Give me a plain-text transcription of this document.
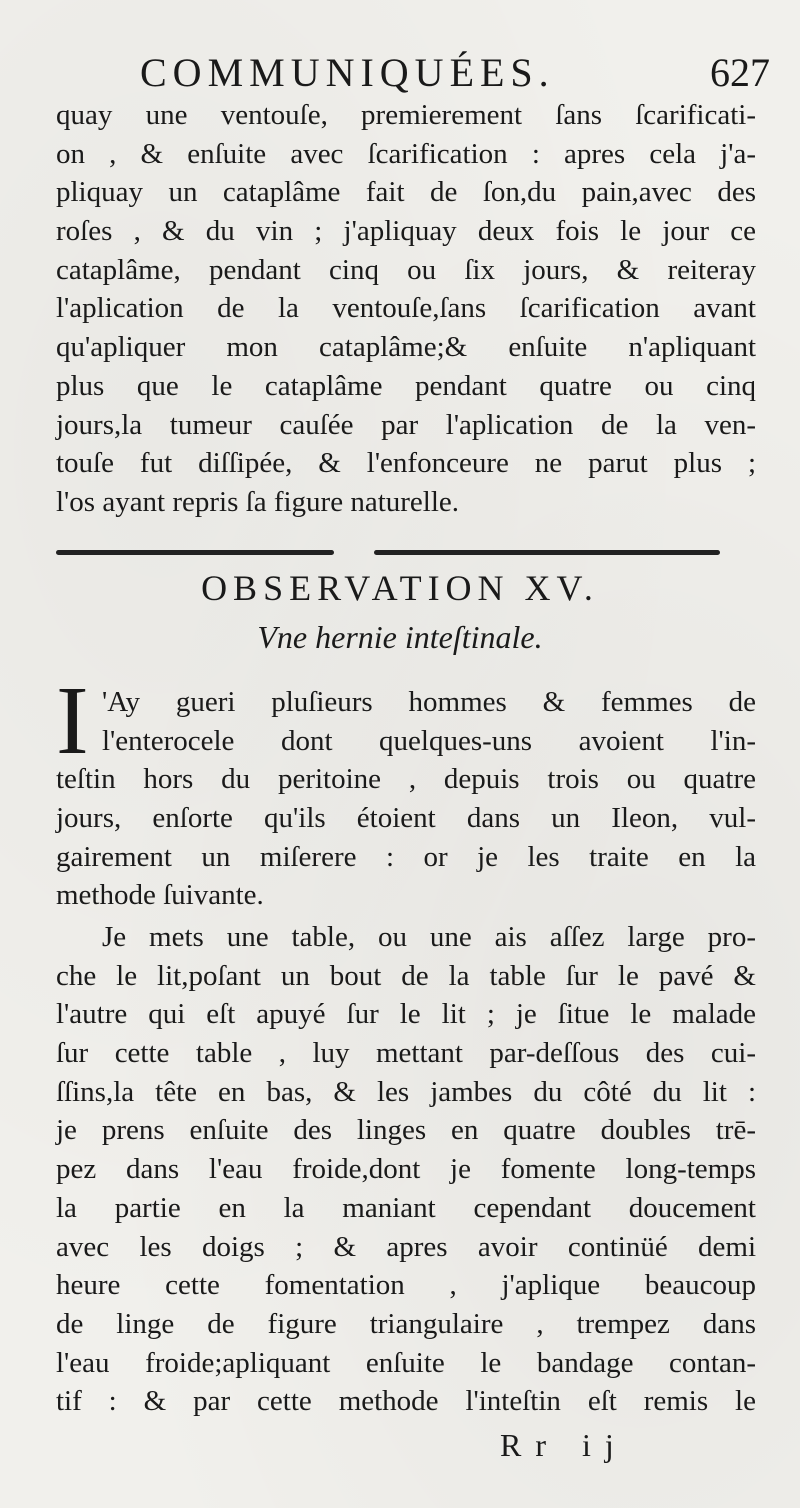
COMMUNIQUÉES.	627
quay une ventouſe, premierement ſans ſcarificati-
on , & enſuite avec ſcarification : apres cela j'a-
pliquay un cataplâme fait de ſon,du pain,avec des
roſes , & du vin ; j'apliquay deux fois le jour ce
cataplâme, pendant cinq ou ſix jours, & reiteray
l'aplication de la ventouſe,ſans ſcarification avant
qu'apliquer mon cataplâme;& enſuite n'apliquant
plus que le cataplâme pendant quatre ou cinq
jours,la tumeur cauſée par l'aplication de la ven-
touſe fut diſſipée, & l'enfonceure ne parut plus ;
l'os ayant repris ſa figure naturelle.
OBSERVATION XV.
Vne hernie inteſtinale.
I 'Ay gueri pluſieurs hommes & femmes de
l'enterocele dont quelques-uns avoient l'in-
teſtin hors du peritoine , depuis trois ou quatre
jours, enſorte qu'ils étoient dans un Ileon, vul-
gairement un miſerere : or je les traite en la
methode ſuivante.
Je mets une table, ou une ais aſſez large pro-
che le lit,poſant un bout de la table ſur le pavé &
l'autre qui eſt apuyé ſur le lit ; je ſitue le malade
ſur cette table , luy mettant par-deſſous des cui-
ſſins,la tête en bas, & les jambes du côté du lit :
je prens enſuite des linges en quatre doubles trē-
pez dans l'eau froide,dont je fomente long-temps
la partie en la maniant cependant doucement
avec les doigs ; & apres avoir continüé demi
heure cette fomentation , j'aplique beaucoup
de linge de figure triangulaire , trempez dans
l'eau froide;apliquant enſuite le bandage contan-
tif : & par cette methode l'inteſtin eſt remis le
Rr ij
